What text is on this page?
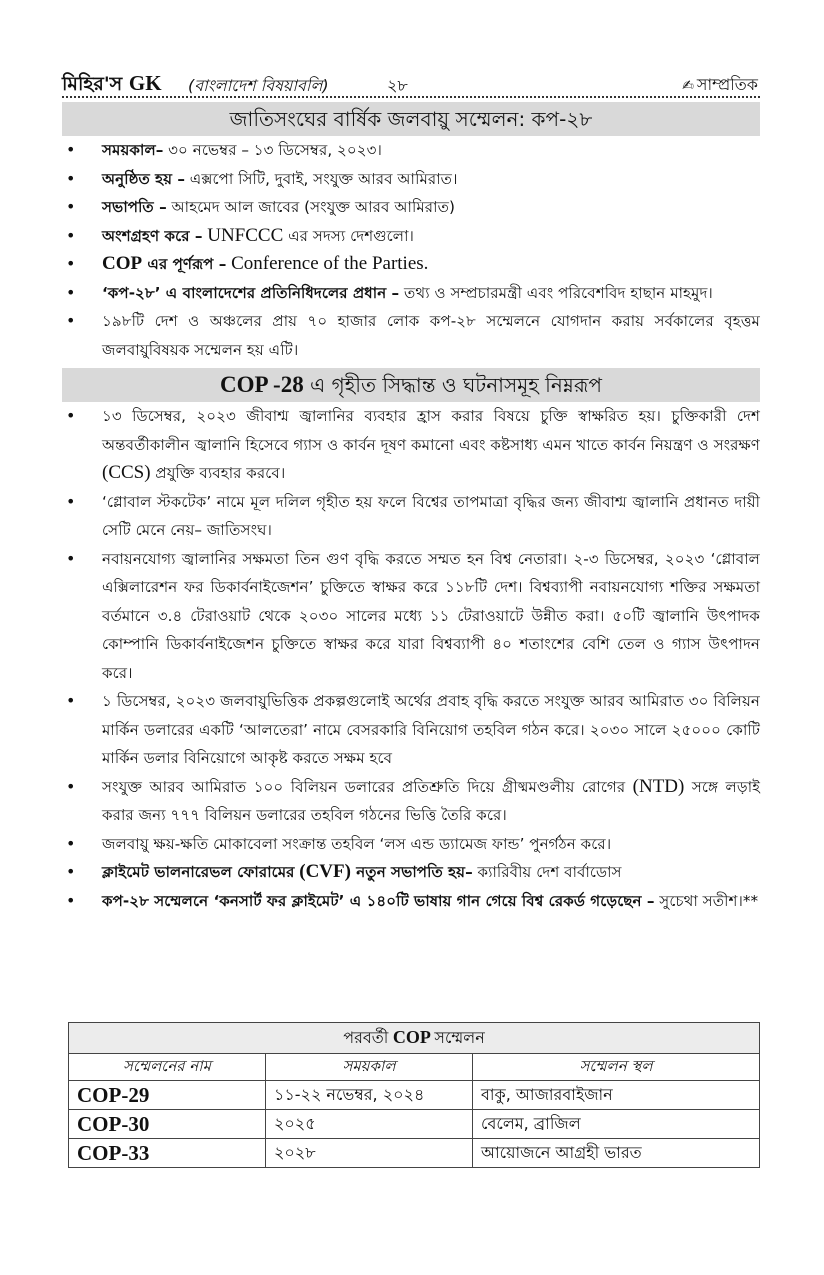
মিহির'স GK (বাংলাদেশ বিষয়াবলি)	২৮	✍ সাম্প্রতিক
জাতিসংঘের বার্ষিক জলবায়ু সম্মেলন: কপ-২৮
• সময়কাল– ৩০ নভেম্বর – ১৩ ডিসেম্বর, ২০২৩।
• অনুষ্ঠিত হয় – এক্সপো সিটি, দুবাই, সংযুক্ত আরব আমিরাত।
• সভাপতি – আহমেদ আল জাবের (সংযুক্ত আরব আমিরাত)
• অংশগ্রহণ করে – UNFCCC এর সদস্য দেশগুলো।
• COP এর পূর্ণরূপ – Conference of the Parties.
• ‘কপ-২৮’ এ বাংলাদেশের প্রতিনিধিদলের প্রধান – তথ্য ও সম্প্রচারমন্ত্রী এবং পরিবেশবিদ হাছান মাহমুদ।
• ১৯৮টি দেশ ও অঞ্চলের প্রায় ৭০ হাজার লোক কপ-২৮ সম্মেলনে যোগদান করায় সর্বকালের বৃহত্তম জলবায়ুবিষয়ক সম্মেলন হয় এটি।
COP -28 এ গৃহীত সিদ্ধান্ত ও ঘটনাসমূহ নিম্নরূপ
• ১৩ ডিসেম্বর, ২০২৩ জীবাশ্ম জ্বালানির ব্যবহার হ্রাস করার বিষয়ে চুক্তি স্বাক্ষরিত হয়। চুক্তিকারী দেশ অন্তবর্তীকালীন জ্বালানি হিসেবে গ্যাস ও কার্বন দূষণ কমানো এবং কষ্টসাধ্য এমন খাতে কার্বন নিয়ন্ত্রণ ও সংরক্ষণ (CCS) প্রযুক্তি ব্যবহার করবে।
• ‘গ্লোবাল স্টকটেক’ নামে মূল দলিল গৃহীত হয় ফলে বিশ্বের তাপমাত্রা বৃদ্ধির জন্য জীবাশ্ম জ্বালানি প্রধানত দায়ী সেটি মেনে নেয়– জাতিসংঘ।
• নবায়নযোগ্য জ্বালানির সক্ষমতা তিন গুণ বৃদ্ধি করতে সম্মত হন বিশ্ব নেতারা। ২-৩ ডিসেম্বর, ২০২৩ ‘গ্লোবাল এক্সিলারেশন ফর ডিকার্বনাইজেশন’ চুক্তিতে স্বাক্ষর করে ১১৮টি দেশ। বিশ্বব্যাপী নবায়নযোগ্য শক্তির সক্ষমতা বর্তমানে ৩.৪ টেরাওয়াট থেকে ২০৩০ সালের মধ্যে ১১ টেরাওয়াটে উন্নীত করা। ৫০টি জ্বালানি উৎপাদক কোম্পানি ডিকার্বনাইজেশন চুক্তিতে স্বাক্ষর করে যারা বিশ্বব্যাপী ৪০ শতাংশের বেশি তেল ও গ্যাস উৎপাদন করে।
• ১ ডিসেম্বর, ২০২৩ জলবায়ুভিত্তিক প্রকল্পগুলোই অর্থের প্রবাহ বৃদ্ধি করতে সংযুক্ত আরব আমিরাত ৩০ বিলিয়ন মার্কিন ডলারের একটি ‘আলতেরা’ নামে বেসরকারি বিনিয়োগ তহবিল গঠন করে। ২০৩০ সালে ২৫০০০ কোটি মার্কিন ডলার বিনিয়োগে আকৃষ্ট করতে সক্ষম হবে
• সংযুক্ত আরব আমিরাত ১০০ বিলিয়ন ডলারের প্রতিশ্রুতি দিয়ে গ্রীষ্মমণ্ডলীয় রোগের (NTD) সঙ্গে লড়াই করার জন্য ৭৭৭ বিলিয়ন ডলারের তহবিল গঠনের ভিত্তি তৈরি করে।
• জলবায়ু ক্ষয়-ক্ষতি মোকাবেলা সংক্রান্ত তহবিল ‘লস এন্ড ড্যামেজ ফান্ড’ পুনর্গঠন করে।
• ক্লাইমেট ভালনারেভল ফোরামের (CVF) নতুন সভাপতি হয়– ক্যারিবীয় দেশ বার্বাডোস
• কপ-২৮ সম্মেলনে ‘কনসার্ট ফর ক্লাইমেট’ এ ১৪০টি ভাষায় গান গেয়ে বিশ্ব রেকর্ড গড়েছেন – সুচেথা সতীশ।**
পরবর্তী COP সম্মেলন		
সম্মেলনের নাম	সময়কাল	সম্মেলন স্থল
COP-29	১১-২২ নভেম্বর, ২০২৪	বাকু, আজারবাইজান
COP-30	২০২৫	বেলেম, ব্রাজিল
COP-33	২০২৮	আয়োজনে আগ্রহী ভারত
